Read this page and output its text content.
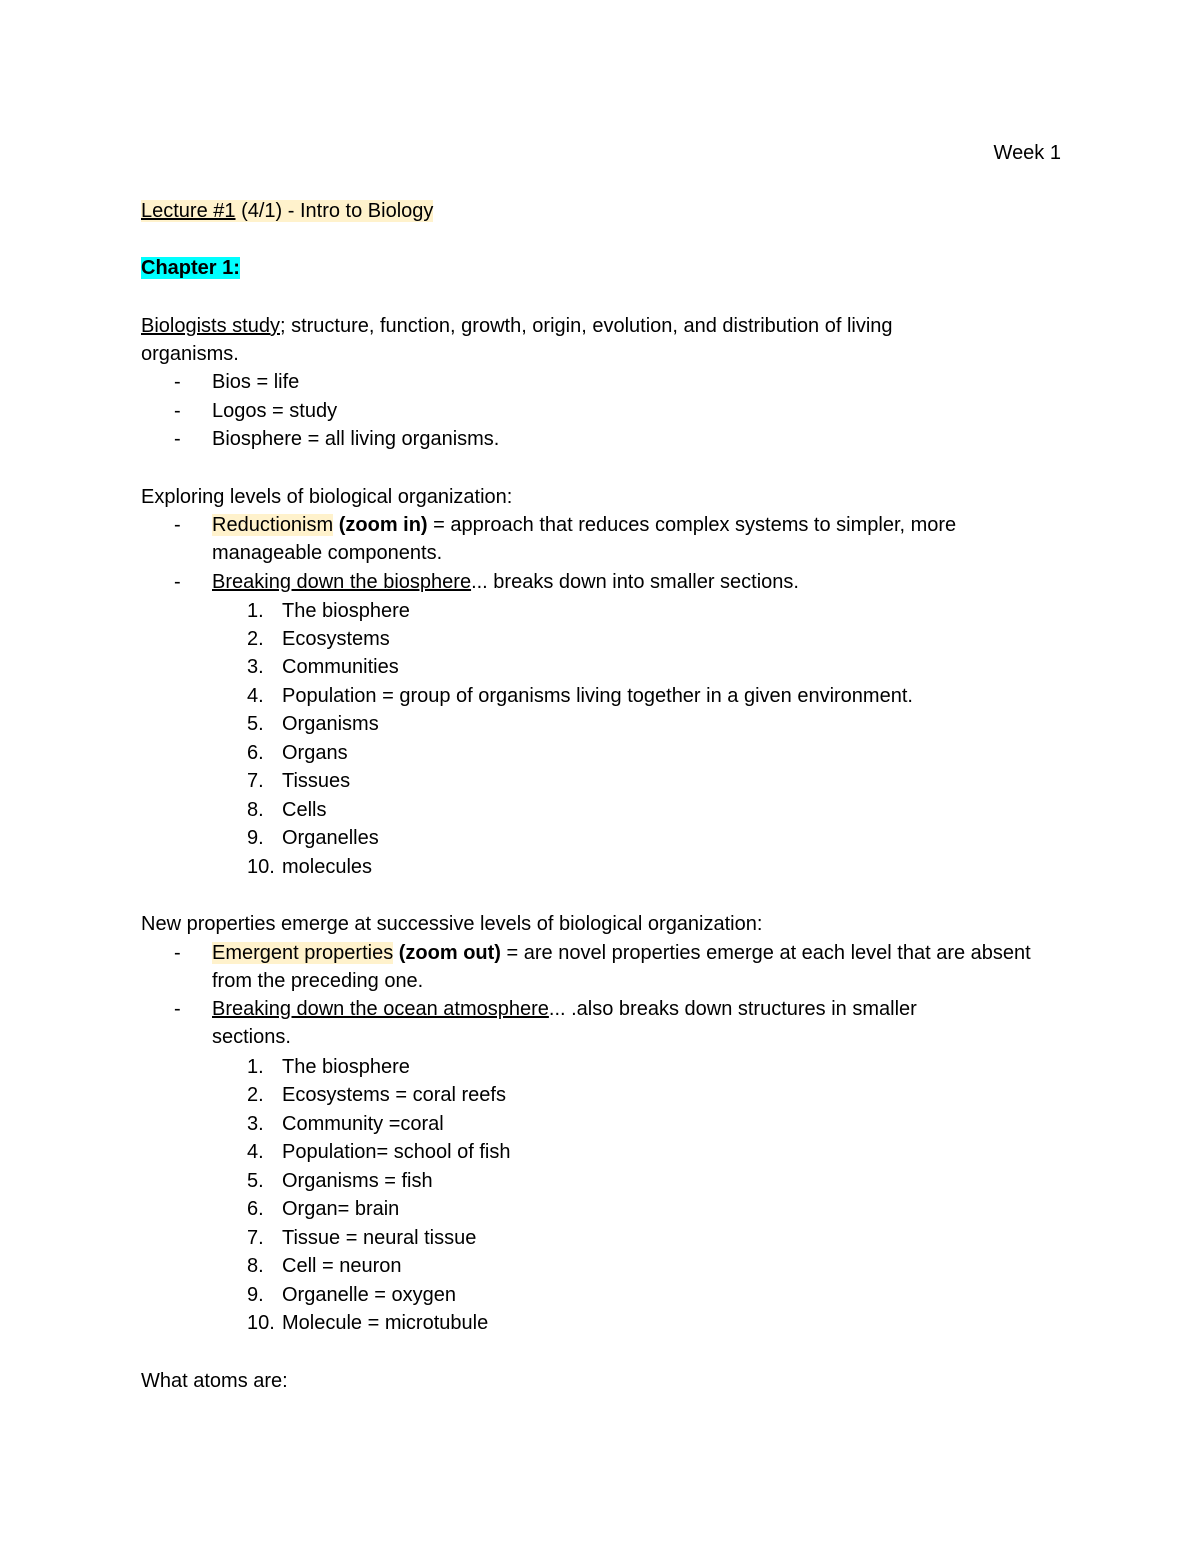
Week 1
Lecture #1 (4/1) - Intro to Biology
Chapter 1:
Biologists study; structure, function, growth, origin, evolution, and distribution of living organisms.
- Bios = life
- Logos = study
- Biosphere = all living organisms.
Exploring levels of biological organization:
- Reductionism (zoom in) = approach that reduces complex systems to simpler, more manageable components.
- Breaking down the biosphere... breaks down into smaller sections.
1. The biosphere
2. Ecosystems
3. Communities
4. Population = group of organisms living together in a given environment.
5. Organisms
6. Organs
7. Tissues
8. Cells
9. Organelles
10. molecules
New properties emerge at successive levels of biological organization:
- Emergent properties (zoom out) = are novel properties emerge at each level that are absent from the preceding one.
- Breaking down the ocean atmosphere... .also breaks down structures in smaller sections.
1. The biosphere
2. Ecosystems = coral reefs
3. Community =coral
4. Population= school of fish
5. Organisms = fish
6. Organ= brain
7. Tissue = neural tissue
8. Cell = neuron
9. Organelle = oxygen
10. Molecule = microtubule
What atoms are:
